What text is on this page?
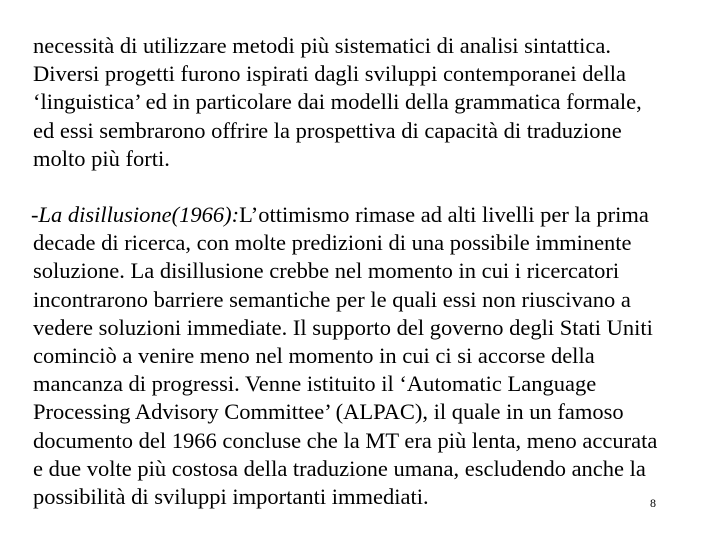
necessità di utilizzare metodi più sistematici di analisi sintattica.
Diversi progetti furono ispirati dagli sviluppi contemporanei della
‘linguistica’ ed in particolare dai modelli della grammatica formale,
ed essi sembrarono offrire la prospettiva di capacità di traduzione
molto più forti.
-La disillusione(1966):L’ottimismo rimase ad alti livelli per la prima
decade di ricerca, con molte predizioni di una possibile imminente
soluzione. La disillusione crebbe nel momento in cui i ricercatori
incontrarono barriere semantiche per le quali essi non riuscivano a
vedere soluzioni immediate. Il supporto del governo degli Stati Uniti
cominciò a venire meno nel momento in cui ci si accorse della
mancanza di progressi. Venne istituito il ‘Automatic Language
Processing Advisory Committee’ (ALPAC), il quale in un famoso
documento del 1966 concluse che la MT era più lenta, meno accurata
e due volte più costosa della traduzione umana, escludendo anche la
possibilità di sviluppi importanti immediati.	8
